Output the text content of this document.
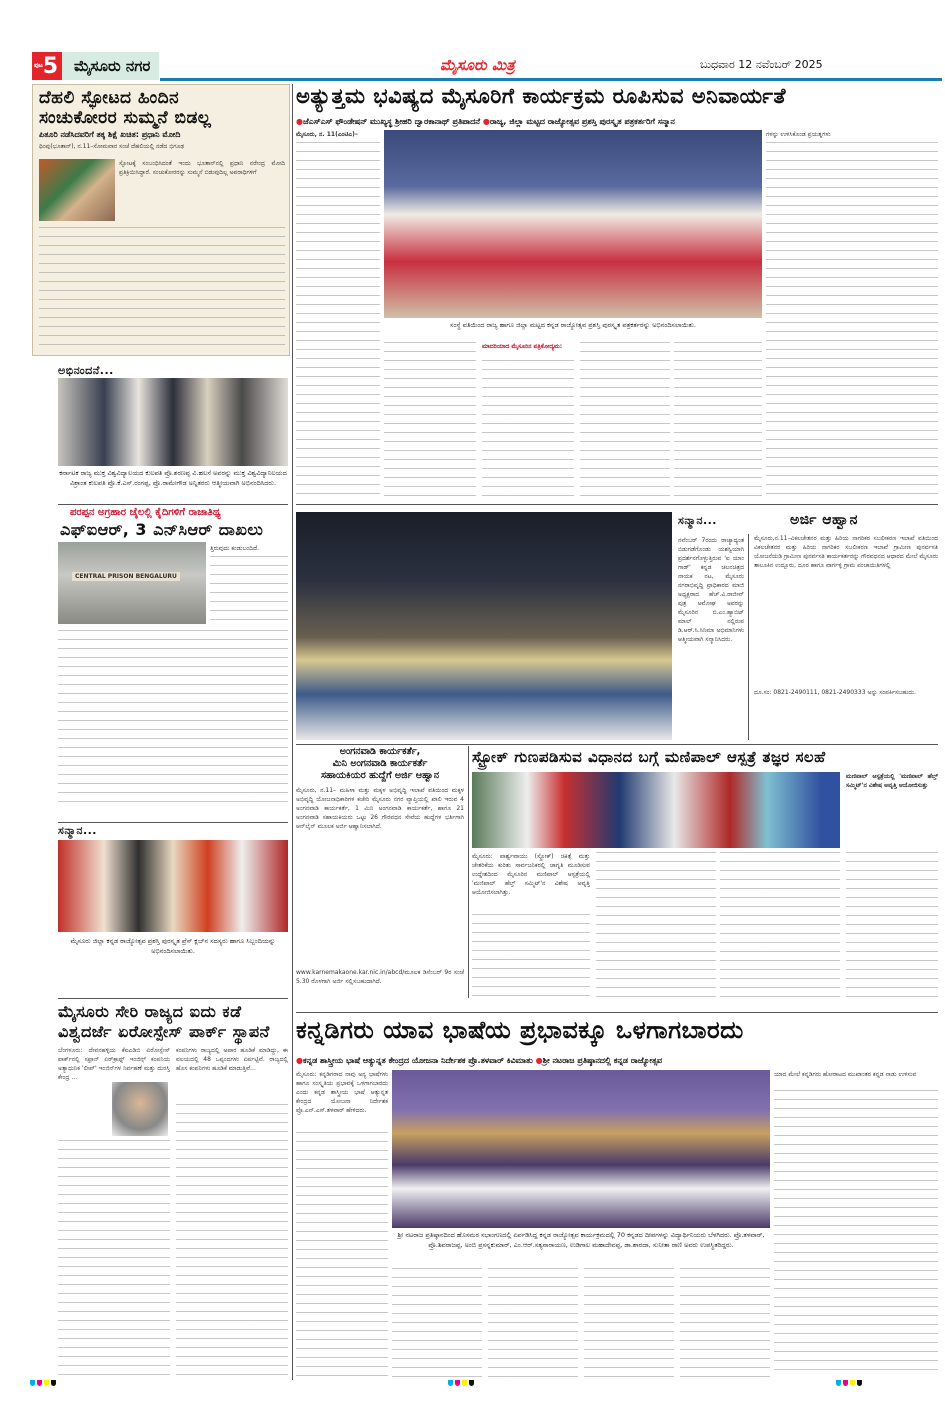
ಪುಟ 5	ಮೈಸೂರು ನಗರ	ಮೈಸೂರು ಮಿತ್ರ	ಬುಧವಾರ 12 ನವೆಂಬರ್ 2025
ದೆಹಲಿ ಸ್ಫೋಟದ ಹಿಂದಿನ
ಸಂಚುಕೋರರ ಸುಮ್ಮನೆ ಬಿಡಲ್ಲ
ಪಿತೂರಿ ನಡೆಸಿದವರಿಗೆ ತಕ್ಕ ಶಿಕ್ಷೆ ಖಚಿತ: ಪ್ರಧಾನಿ ಮೋದಿ
ಥಿಂಪು(ಭೂತಾನ್), ನ.11–ಸೋಮವಾರ ಸಂಜೆ ದೆಹಲಿಯಲ್ಲಿ ನಡೆದ ಭಿಗೂಢ
ಸ್ಫೋಟಕ್ಕೆ ಸಂಬಂಧಿಸಿದಂತೆ ಇಂದು ಭೂತಾನ್‌ನಲ್ಲಿ ಪ್ರಧಾನಿ ನರೇಂದ್ರ ಮೋದಿ ಪ್ರತಿಕ್ರಿಯಿಸಿದ್ದಾರೆ. ಸಂಚುಕೋರರನ್ನು ಸುಮ್ಮನೆ ಬಿಡುವುದಿಲ್ಲ ಅಪರಾಧಿಗಳಿಗೆ
ಅಭಿನಂದನೆ...
ಕರ್ನಾಟಕ ರಾಜ್ಯ ಮುಕ್ತ ವಿಶ್ವವಿದ್ಯಾಲಯದ ಕುಲಪತಿ ಪ್ರೊ.ಶರಣಪ್ಪ ವಿ.ಹಲಸೆ ಅವರನ್ನು ಮುಕ್ತ ವಿಶ್ವವಿದ್ಯಾನಿಲಯದ ವಿಶ್ರಾಂತ ಕುಲಪತಿ ಪ್ರೊ.ಕೆ.ಎಸ್.ರಂಗಪ್ಪ, ಪ್ರೊ.ರಾಮೇಗೌಡ ಅನ್ನಿತರರು ಆತ್ಮೀಯವಾಗಿ ಅಭಿನಂದಿಸಿದರು.
ಪರಪ್ಪನ ಅಗ್ರಹಾರ ಜೈಲಲ್ಲಿ ಕೈದಿಗಳಿಗೆ ರಾಜಾತಿಥ್ಯ
ಎಫ್‌ಐಆರ್, 3 ಎನ್‌ಸಿಆರ್ ದಾಖಲು
CENTRAL PRISON BENGALURU
ತ್ತಿರುವುದು ಕಂಡುಬಂದಿದೆ.
ಸನ್ಮಾನ...
ಮೈಸೂರು ಜಿಲ್ಲಾ ಕನ್ನಡ ರಾಜ್ಯೋತ್ಸವ ಪ್ರಶಸ್ತಿ ಪುರಸ್ಕೃತ ಪ್ರೆಸ್ ಕ್ಲಬ್‌ನ ಸದಸ್ಯರು ಹಾಗೂ ಸಿಬ್ಬಂದಿಯನ್ನು ಅಭಿನಂದಿಸಲಾಯಿತು.
ಮೈಸೂರು ಸೇರಿ ರಾಜ್ಯದ ಐದು ಕಡೆ
ವಿಶ್ವದರ್ಜೆ ಏರೋಸ್ಪೇಸ್ ಪಾರ್ಕ್ ಸ್ಥಾಪನೆ
ಬೆಂಗಳೂರು: ದೇವನಹಳ್ಳಿಯ ಕೆಐಎಡಿಬಿ ಏರೋಸ್ಪೇಸ್ ಪಾರ್ಕ್‌ನಲ್ಲಿ ಸಫ್ರಾನ್ ಏರ್‌ಕ್ರಾಫ್ಟ್ ಇಂಜಿನ್ಸ್ ಕಂಪನಿಯ ಅತ್ಯಾಧುನಿಕ 'ಲೀಪ್' ಇಂಜಿನ್‌ಗಳ ನಿರ್ವಹಣೆ ಮತ್ತು ದುರಸ್ತಿ ಕೇಂದ್ರ ...
ಕಂಪನಿಗಳು ರಾಜ್ಯದಲ್ಲಿ ಅಪಾರ ಹೂಡಿಕೆ ಮಾಡಿದ್ದು, ಈ ವಲಯದಲ್ಲಿ 48 ಒಪ್ಪಂದಗಳು ಏರ್ಪಟ್ಟಿವೆ. ರಾಜ್ಯದಲ್ಲಿ ಹೊಸ ಕಂಪನಿಗಳು ಹೂಡಿಕೆ ಮಾಡುತ್ತಿವೆ...
ಅತ್ಯುತ್ತಮ ಭವಿಷ್ಯದ ಮೈಸೂರಿಗೆ ಕಾರ್ಯಕ್ರಮ ರೂಪಿಸುವ ಅನಿವಾರ್ಯತೆ
●ಜೆಎಸ್‌ಎಸ್ ಫೌಂಡೇಷನ್ ಮುಖ್ಯಸ್ಥ ಶ್ರೀಹರಿ ದ್ವಾರಕಾನಾಥ್ ಪ್ರತಿಪಾದನೆ ●ರಾಜ್ಯ, ಜಿಲ್ಲಾ ಮಟ್ಟದ ರಾಜ್ಯೋತ್ಸವ ಪ್ರಶಸ್ತಿ ಪುರಸ್ಕೃತ ಪತ್ರಕರ್ತರಿಗೆ ಸನ್ಮಾನ
ಮೈಸೂರು, ನ. 11(ಎಂಟಿಎ)–
ಸಂಸ್ಥೆ ವತಿಯಿಂದ ರಾಜ್ಯ ಹಾಗೂ ಜಿಲ್ಲಾ ಮಟ್ಟದ ಕನ್ನಡ ರಾಜ್ಯೋತ್ಸವ ಪ್ರಶಸ್ತಿ ಪುರಸ್ಕೃತ ಪತ್ರಕರ್ತರನ್ನು ಅಭಿನಂದಿಸಲಾಯಿತು.
ಗಳನ್ನು ಉಳಿಸಿಕೊಂಡ ಪ್ರಯತ್ನಗಳು
ಮಾದರಿಯಾದ ಮೈಸೂರಿನ ಪತ್ರಿಕೋದ್ಯಮ:
ಸನ್ಮಾನ...
ನವೆಂಬರ್ 7ರಂದು ರಾಜ್ಯಾದ್ಯಂತ ಬಿಡುಗಡೆಗೊಂಡು ಯಶಸ್ವಿಯಾಗಿ ಪ್ರದರ್ಶನಗೊಳ್ಳುತ್ತಿರುವ 'ಐ ಯಾಂ ಗಾಡ್' ಕನ್ನಡ ಚಲನಚಿತ್ರದ ನಾಯಕ ನಟ, ಮೈಸೂರು ನಗರಾಭಿವೃದ್ಧಿ ಪ್ರಾಧಿಕಾರದ ಮಾಜಿ ಅಧ್ಯಕ್ಷರಾದ ಹೆಚ್.ವಿ.ರಾಜೀವ್ ಪುತ್ರ ಅಮೋಘ ಅವರನ್ನು ಮೈಸೂರಿನ ಬಿ.ಎಂ.ಹ್ಯಾಬಿಟ್ ಮಾಲ್ ನಲ್ಲಿರುವ ಡಿ.ಆರ್.ಸಿ.ಸಿನಿಮಾ ಅಭಿಮಾನಿಗಳು ಆತ್ಮೀಯವಾಗಿ ಸನ್ಮಾನಿಸಿದರು.
ಅರ್ಜಿ ಆಹ್ವಾನ
ಮೈಸೂರು,ನ.11–ವಿಕಲಚೇತನರ ಮತ್ತು ಹಿರಿಯ ನಾಗರಿಕರ ಸಬಲೀಕರಣ ಇಲಾಖೆ ವತಿಯಿಂದ ವಿಕಲಚೇತನರ ಮತ್ತು ಹಿರಿಯ ನಾಗರಿಕರ ಸಬಲೀಕರಣ ಇಲಾಖೆ ಗ್ರಾಮೀಣ ಪುನರ್ವಸತಿ ಯೋಜನೆಯಡಿ ಗ್ರಾಮೀಣ ಪುನರ್ವಸತಿ ಕಾರ್ಯಕರ್ತರನ್ನು ಗೌರವಧನದ ಆಧಾರದ ಮೇಲೆ ಮೈಸೂರು ತಾಲೂಕಿನ ಉದ್ಬೂರು, ದೂರ ಹಾಗೂ ವಾರ್ಗಳ್ಳಿ ಗ್ರಾಮ ಪಂಚಾಯಿತಿಗಳಲ್ಲಿ
ದೂ.ಸಂ: 0821-2490111, 0821-2490333 ಅನ್ನು ಸಂಪರ್ಕಿಸಬಹುದು.
ಅಂಗನವಾಡಿ ಕಾರ್ಯಕರ್ತೆ,
ಮಿನಿ ಅಂಗನವಾಡಿ ಕಾರ್ಯಕರ್ತೆ
ಸಹಾಯಕಿಯರ ಹುದ್ದೆಗೆ ಅರ್ಜಿ ಆಹ್ವಾನ
ಮೈಸೂರು, ನ.11– ಮಹಿಳಾ ಮತ್ತು ಮಕ್ಕಳ ಅಭಿವೃದ್ಧಿ ಇಲಾಖೆ ವತಿಯಿಂದ ಮಕ್ಕಳ ಅಭಿವೃದ್ಧಿ ಯೋಜನಾಧಿಕಾರಿಗಳ ಕಚೇರಿ ಮೈಸೂರು ನಗರ ವ್ಯಾಪ್ತಿಯಲ್ಲಿ ಖಾಲಿ ಇರುವ 4 ಅಂಗನವಾಡಿ ಕಾರ್ಯಕರ್ತೆ, 1 ಮಿನಿ ಅಂಗನವಾಡಿ ಕಾರ್ಯಕರ್ತೆ, ಹಾಗೂ 21 ಅಂಗನವಾಡಿ ಸಹಾಯಕಿಯರು ಒಟ್ಟು 26 ಗೌರವಧನ ಸೇವೆಯ ಹುದ್ದೆಗಳ ಭರ್ತಿಗಾಗಿ ಆನ್‌ಲೈನ್ ಮೂಲಕ ಅರ್ಜಿ ಆಹ್ವಾನಿಸಲಾಗಿದೆ.
www.karnemakaone.kar.nic.in/abcd/ಮೂಲಕ ಡಿಸೆಂಬರ್ 9ರ ಸಂಜೆ 5.30 ರೊಳಗಾಗಿ ಅರ್ಜಿ ಸಲ್ಲಿಸಬಹುದಾಗಿದೆ.
ಸ್ಟ್ರೋಕ್ ಗುಣಪಡಿಸುವ ವಿಧಾನದ ಬಗ್ಗೆ ಮಣಿಪಾಲ್ ಆಸ್ಪತ್ರೆ ತಜ್ಞರ ಸಲಹೆ
ಮಣಿಪಾಲ್ ಆಸ್ಪತ್ರೆಯಲ್ಲಿ 'ಮಣಿಪಾಲ್ ಹೆಲ್ತ್ ಸಮ್ಮಿಟ್'ನ ವಿಶೇಷ ಅವೃತ್ತಿ ಆಯೋಜಿಸುತ್ತು
ಮೈಸೂರು: ಪಾರ್ಶ್ವವಾಯು (ಸ್ಟ್ರೋಕ್) ಚಿಕಿತ್ಸೆ ಮತ್ತು ಚೇತರಿಕೆಯ ಕುರಿತು ಸಾರ್ವಜನಿಕರಲ್ಲಿ ಜಾಗೃತಿ ಮೂಡಿಸುವ ಉದ್ದೇಶದಿಂದ ಮೈಸೂರಿನ ಮಣಿಪಾಲ್ ಆಸ್ಪತ್ರೆಯಲ್ಲಿ 'ಮಣಿಪಾಲ್ ಹೆಲ್ತ್ ಸಮ್ಮಿಟ್'ನ ವಿಶೇಷ ಅವೃತ್ತಿ ಆಯೋಜಿಸಲಾಗಿತ್ತು.
ಕನ್ನಡಿಗರು ಯಾವ ಭಾಷೆಯ ಪ್ರಭಾವಕ್ಕೂ ಒಳಗಾಗಬಾರದು
●ಕನ್ನಡ ಶಾಸ್ತ್ರೀಯ ಭಾಷೆ ಆತ್ಯುನ್ನತ ಕೇಂದ್ರದ ಯೋಜನಾ ನಿರ್ದೇಶಕ ಪ್ರೊ.ತಳವಾರ್ ಕಿವಿಮಾತು ●ಶ್ರೀ ನಟರಾಜ ಪ್ರತಿಷ್ಠಾನದಲ್ಲಿ ಕನ್ನಡ ರಾಜ್ಯೋತ್ಸವ
ಮೈಸೂರು: ಕನ್ನಡಿಗರಾದ ನಾವು ಅನ್ಯ ಭಾಷೆಗಳು ಹಾಗೂ ಸಂಸ್ಕೃತಿಯ ಪ್ರಭಾವಕ್ಕೆ ಒಳಗಾಗಬಾರದು ಎಂದು ಕನ್ನಡ ಶಾಸ್ತ್ರೀಯ ಭಾಷೆ ಆತ್ಯುನ್ನತ ಕೇಂದ್ರದ ಯೋಜನಾ ನಿರ್ದೇಶಕ ಪ್ರೊ.ಎನ್.ಎಸ್.ತಳವಾರ್ ಹೇಳಿದರು.
ಶ್ರೀ ನಟರಾಜ ಪ್ರತಿಷ್ಠಾನದಿಂದ ಹೊಸಮಠ ಸಭಾಂಗಣದಲ್ಲಿ ಏರ್ಪಡಿಸಿದ್ದ ಕನ್ನಡ ರಾಜ್ಯೋತ್ಸವ ಕಾರ್ಯಕ್ರಮದಲ್ಲಿ 70 ಕನ್ನಡದ ದೀಪಗಳನ್ನು ವಿದ್ಯಾರ್ಥಿನಿಯರು ಬೆಳಗಿದರು. ಪ್ರೊ.ತಳವಾರ್, ಪ್ರೊ.ಶಿವರಾಜಪ್ಪ, ಅಂಬಿ ಪ್ರಸನ್ನಕುಮಾರ್, ಎಂ.ಆರ್.ಸತ್ಯನಾರಾಯಣ, ಉಡಿಗಾಲ ಮಹಾದೇವಪ್ಪ, ಡಾ.ಶಾರದಾ, ಸುನೀತಾ ರಾಣಿ ಅವರು ಉಪಸ್ಥಿತರಿದ್ದರು.
ಯಾದ ಮೇಲೆ ಕನ್ನಡಿಗರು ಹೋರಾಟದ ಮುಖಾಂತರ ಕನ್ನಡ ನಾಡು ಉಳಿಸುವ
